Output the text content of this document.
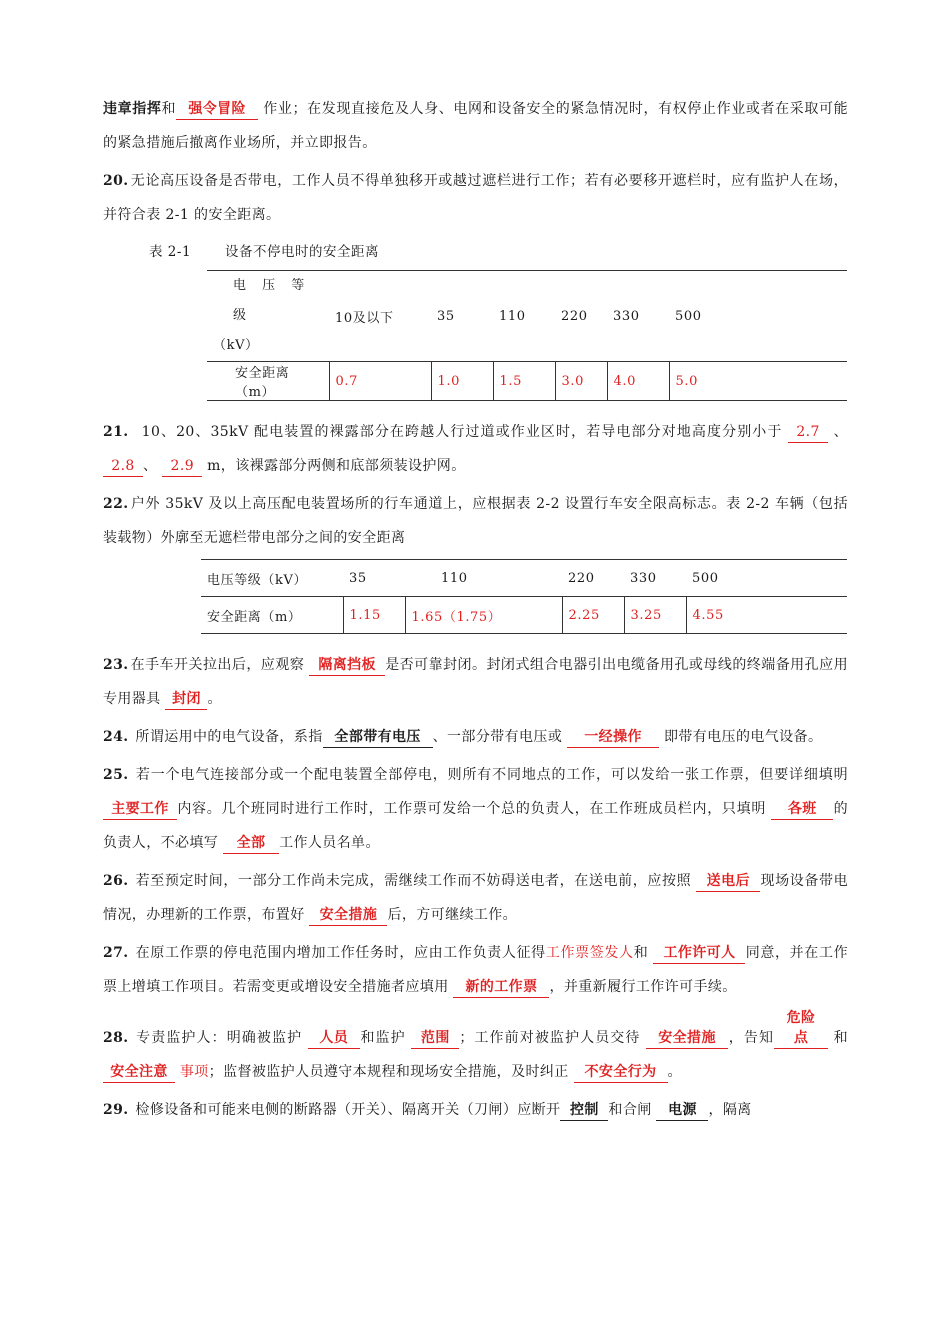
违章指挥和 强令冒险 作业；在发现直接危及人身、电网和设备安全的紧急情况时，有权停止作业或者在采取可能的紧急措施后撤离作业场所，并立即报告。

20. 无论高压设备是否带电，工作人员不得单独移开或越过遮栏进行工作；若有必要移开遮栏时，应有监护人在场，并符合表 2-1 的安全距离。

表 2-1	设备不停电时的安全距离
电 压 等 级
（kV）	10及以下	35	110	220	330	500
安全距离（m）	0.7	1.0	1.5	3.0	4.0	5.0

21. 10、20、35kV 配电装置的裸露部分在跨越人行过道或作业区时，若导电部分对地高度分别小于 2.7 、 2.8 、 2.9 m，该裸露部分两侧和底部须装设护网。

22. 户外 35kV 及以上高压配电装置场所的行车通道上，应根据表 2-2 设置行车安全限高标志。表 2-2 车辆（包括装载物）外廓至无遮栏带电部分之间的安全距离

电压等级（kV）	35	110	220	330	500
安全距离（m）	1.15	1.65（1.75）	2.25	3.25	4.55

23. 在手车开关拉出后，应观察 隔离挡板 是否可靠封闭。封闭式组合电器引出电缆备用孔或母线的终端备用孔应用专用器具 封闭 。

24. 所谓运用中的电气设备，系指 全部带有电压 、一部分带有电压或 一经操作 即带有电压的电气设备。

25. 若一个电气连接部分或一个配电装置全部停电，则所有不同地点的工作，可以发给一张工作票，但要详细填明 主要工作 内容。几个班同时进行工作时，工作票可发给一个总的负责人，在工作班成员栏内，只填明 各班 的负责人，不必填写 全部 工作人员名单。

26. 若至预定时间，一部分工作尚未完成，需继续工作而不妨碍送电者，在送电前，应按照 送电后 现场设备带电情况，办理新的工作票，布置好 安全措施 后，方可继续工作。

27. 在原工作票的停电范围内增加工作任务时，应由工作负责人征得工作票签发人和 工作许可人 同意，并在工作票上增填工作项目。若需变更或增设安全措施者应填用 新的工作票 ，并重新履行工作许可手续。

28. 专责监护人：明确被监护 人员 和监护 范围 ；工作前对被监护人员交待 安全措施 ，告知危险点 和 安全注意 事项；监督被监护人员遵守本规程和现场安全措施，及时纠正 不安全行为 。

29. 检修设备和可能来电侧的断路器（开关）、隔离开关（刀闸）应断开 控制 和合闸 电源 ，隔离
